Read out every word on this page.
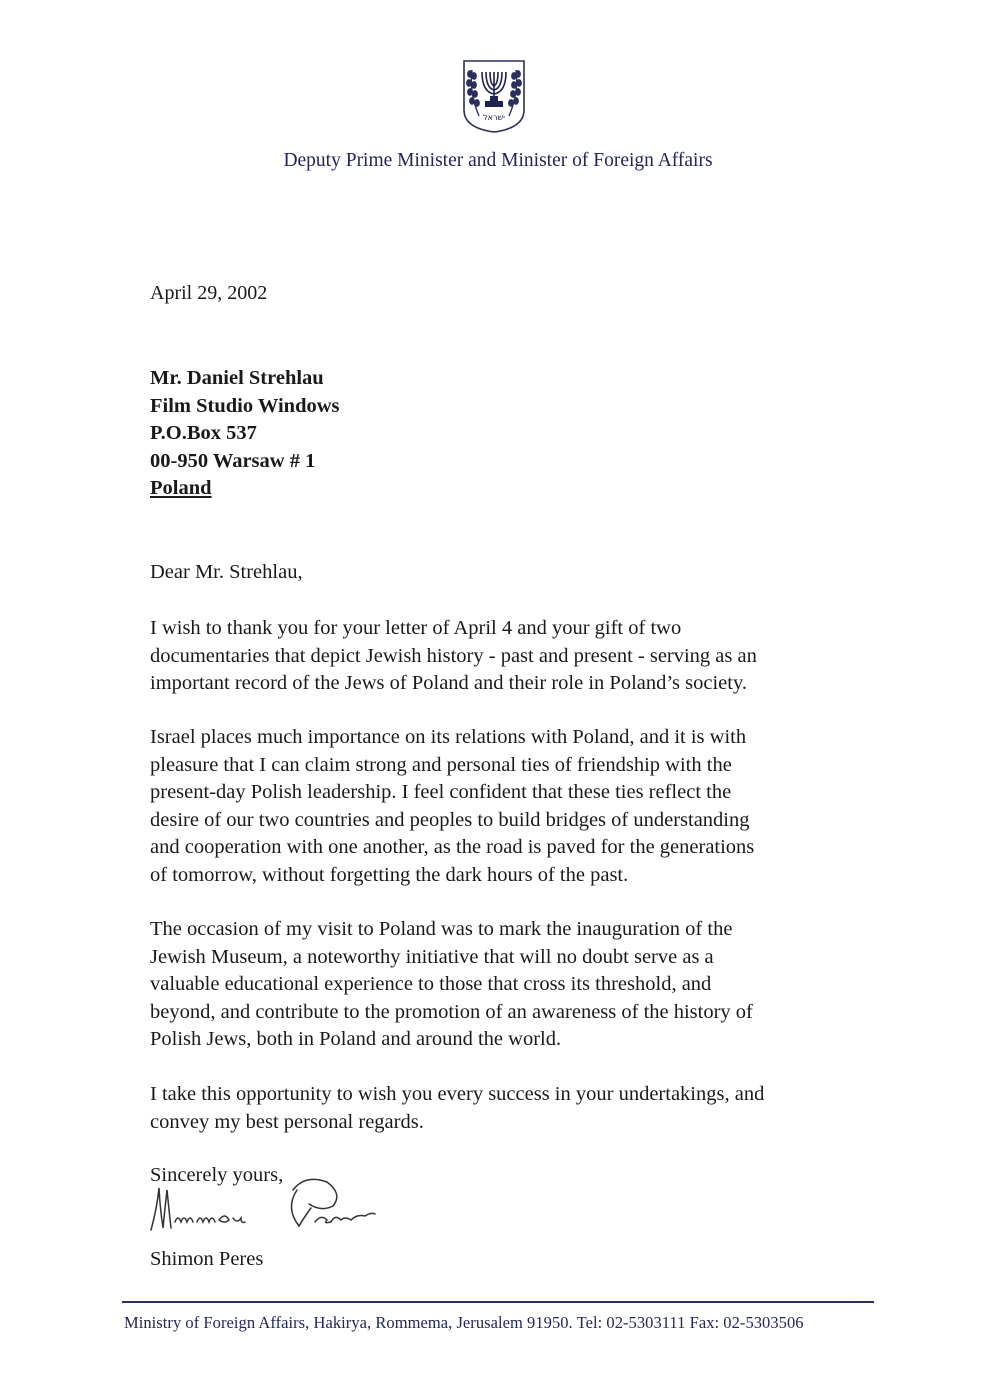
ישראל
Deputy Prime Minister and Minister of Foreign Affairs
April 29, 2002
Mr. Daniel Strehlau
Film Studio Windows
P.O.Box 537
00-950 Warsaw # 1
Poland
Dear Mr. Strehlau,
I wish to thank you for your letter of April 4 and your gift of two
documentaries that depict Jewish history - past and present - serving as an
important record of the Jews of Poland and their role in Poland’s society.
Israel places much importance on its relations with Poland, and it is with
pleasure that I can claim strong and personal ties of friendship with the
present-day Polish leadership. I feel confident that these ties reflect the
desire of our two countries and peoples to build bridges of understanding
and cooperation with one another, as the road is paved for the generations
of tomorrow, without forgetting the dark hours of the past.
The occasion of my visit to Poland was to mark the inauguration of the
Jewish Museum, a noteworthy initiative that will no doubt serve as a
valuable educational experience to those that cross its threshold, and
beyond, and contribute to the promotion of an awareness of the history of
Polish Jews, both in Poland and around the world.
I take this opportunity to wish you every success in your undertakings, and
convey my best personal regards.
Sincerely yours,
Shimon Peres
Ministry of Foreign Affairs, Hakirya, Rommema, Jerusalem 91950. Tel: 02-5303111 Fax: 02-5303506
